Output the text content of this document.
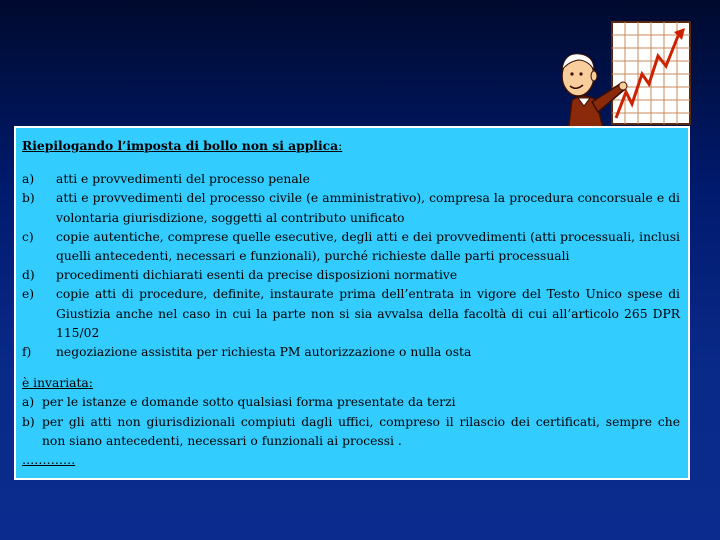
Riepilogando l’imposta di bollo non si applica:

a)	atti e provvedimenti del processo penale
b)	atti e provvedimenti del processo civile (e amministrativo), compresa la procedura concorsuale e di volontaria giurisdizione, soggetti al contributo unificato
c)	copie autentiche, comprese quelle esecutive, degli atti e dei provvedimenti (atti processuali, inclusi quelli antecedenti, necessari e funzionali), purché richieste dalle parti processuali
d)	procedimenti dichiarati esenti da precise disposizioni normative
e)	copie atti di procedure, definite, instaurate prima dell’entrata in vigore del Testo Unico spese di Giustizia anche nel caso in cui la parte non si sia avvalsa della facoltà di cui all’articolo 265 DPR 115/02
f)	negoziazione assistita per richiesta PM autorizzazione o nulla osta
è invariata:
a) per le istanze e domande sotto qualsiasi forma presentate da terzi
b) per gli atti non giurisdizionali compiuti dagli uffici, compreso il rilascio dei certificati, sempre che non siano antecedenti, necessari o funzionali ai processi .
………….
